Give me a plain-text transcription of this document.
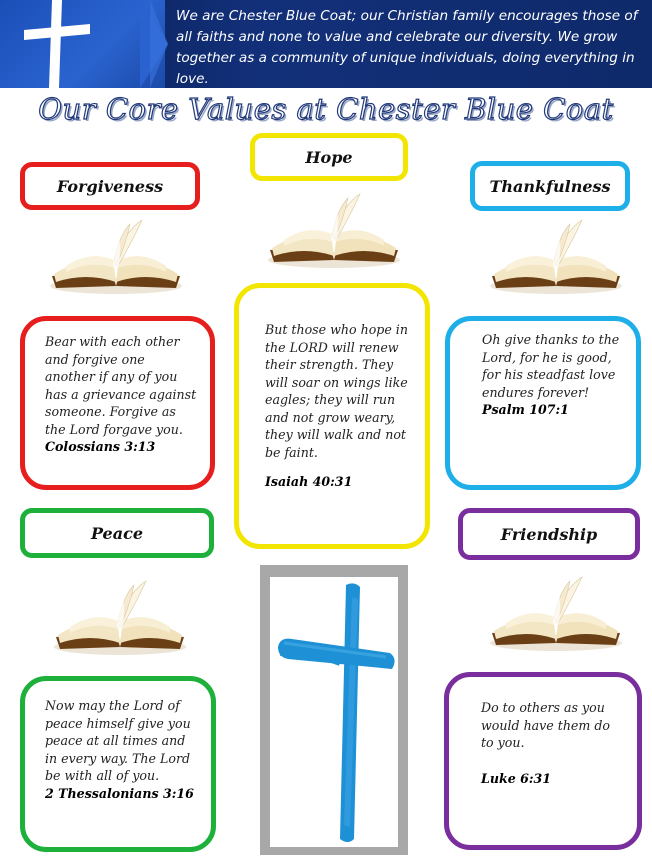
We are Chester Blue Coat; our Christian family encourages those of all faiths and none to value and celebrate our diversity. We grow together as a community of unique individuals, doing everything in love.
Our Core Values at Chester Blue Coat
Forgiveness
Bear with each other and forgive one another if any of you has a grievance against someone. Forgive as the Lord forgave you.
Colossians 3:13
Hope
But those who hope in the LORD will renew their strength. They will soar on wings like eagles; they will run and not grow weary, they will walk and not be faint.
Isaiah 40:31
Thankfulness
Oh give thanks to the Lord, for he is good, for his steadfast love endures forever!
Psalm 107:1
Peace
Now may the Lord of peace himself give you peace at all times and in every way. The Lord be with all of you.
2 Thessalonians 3:16
Friendship
Do to others as you would have them do to you.
Luke 6:31
